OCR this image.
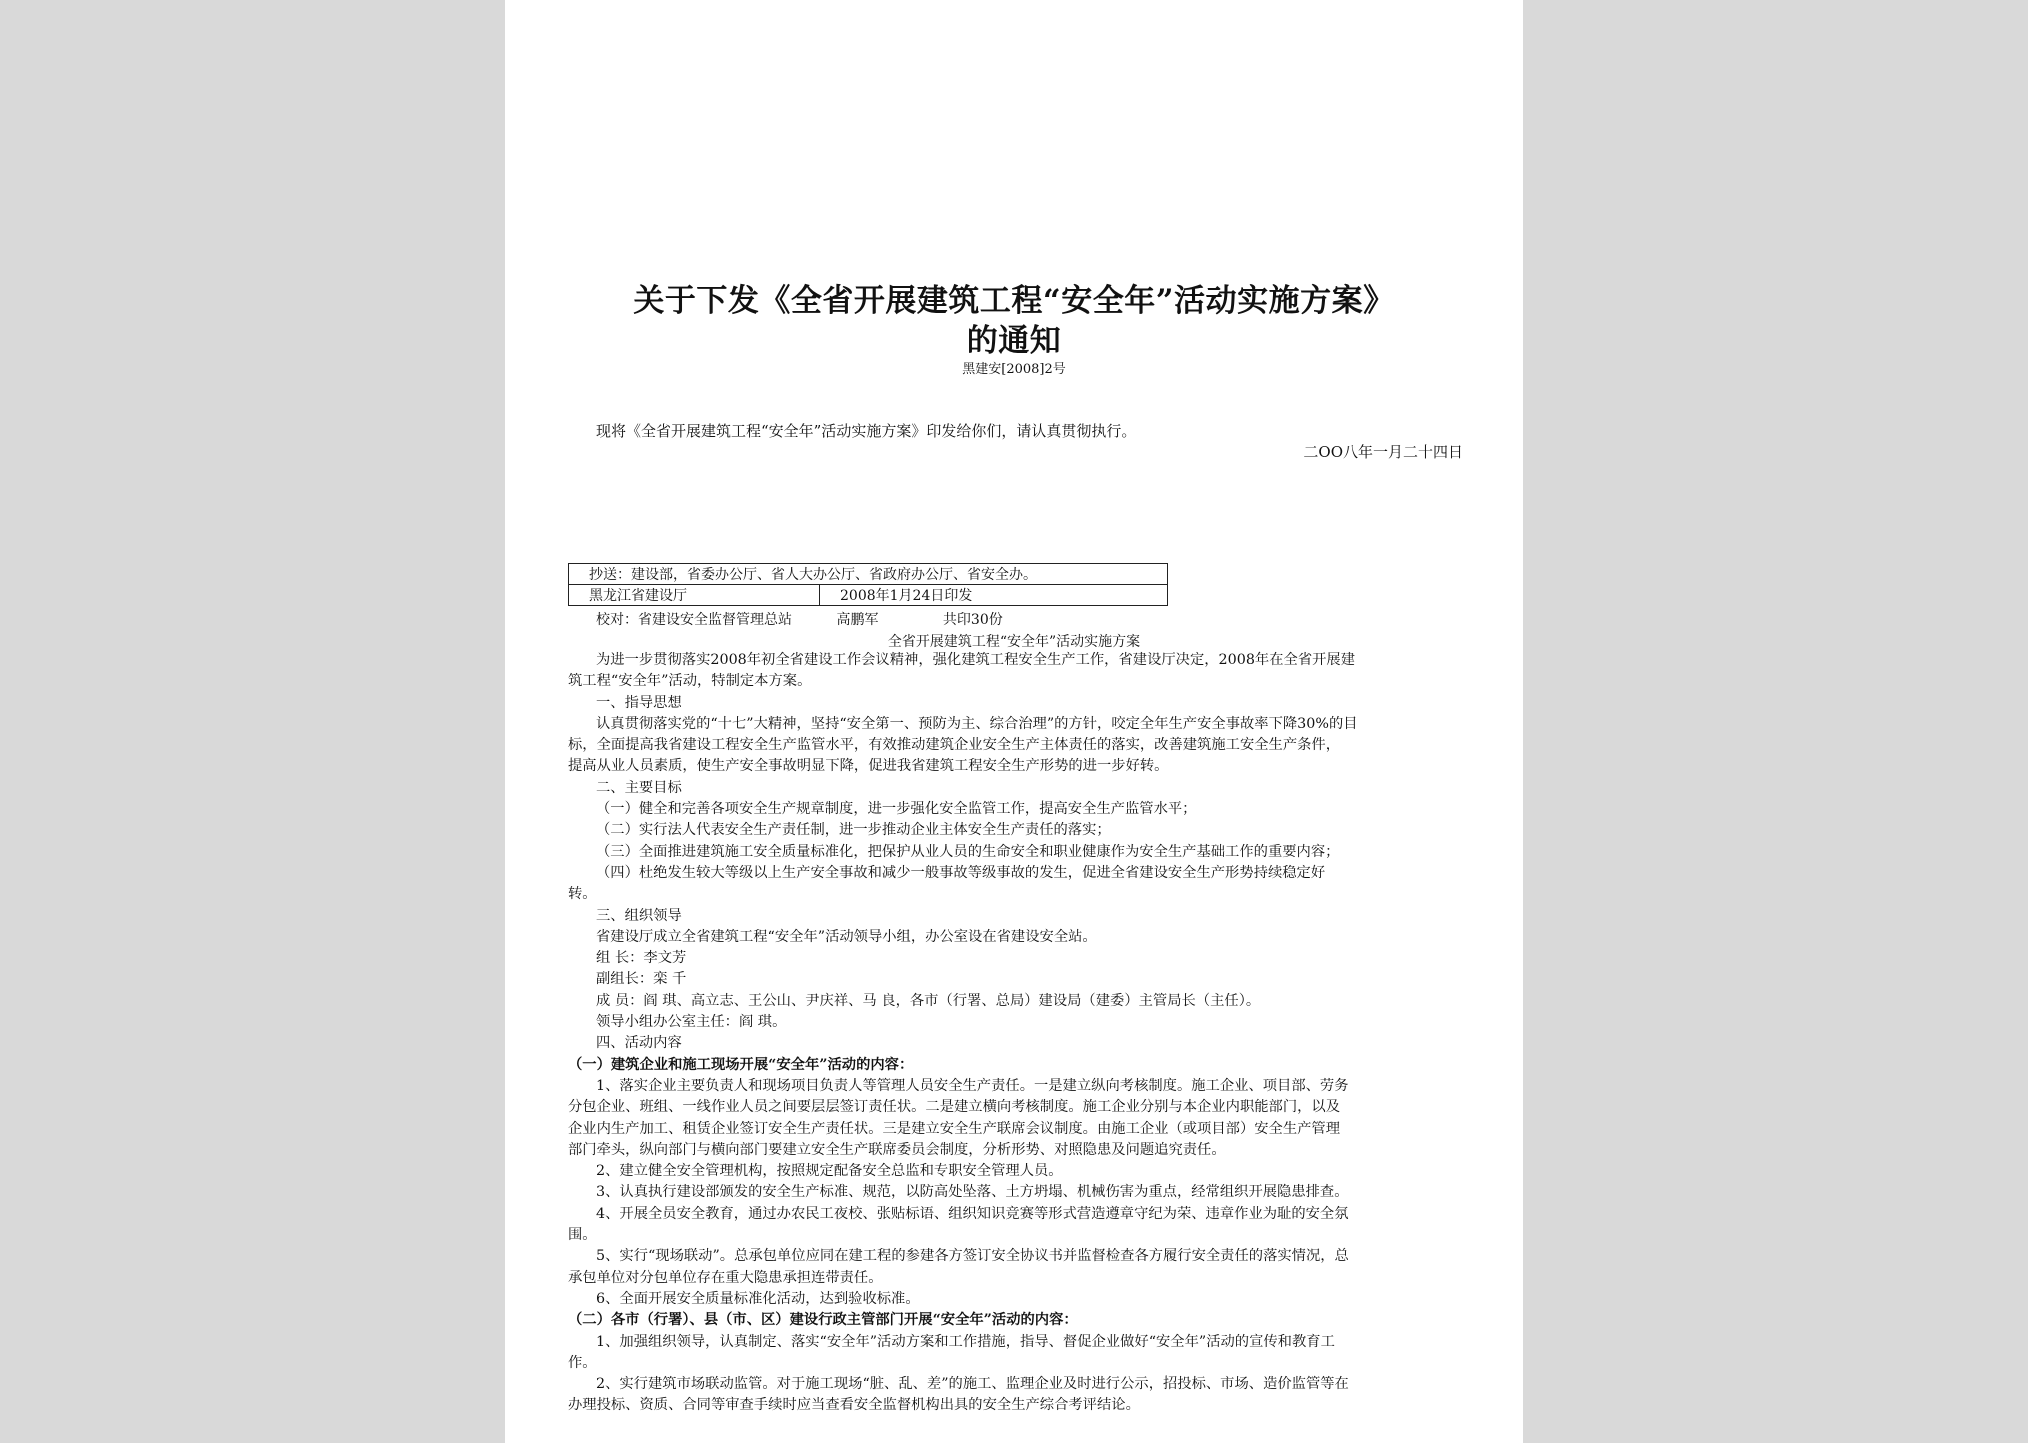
关于下发《全省开展建筑工程“安全年”活动实施方案》
的通知
黑建安[2008]2号
现将《全省开展建筑工程“安全年”活动实施方案》印发给你们，请认真贯彻执行。
二OO八年一月二十四日
抄送：建设部，省委办公厅、省人大办公厅、省政府办公厅、省安全办。
黑龙江省建设厅	2008年1月24日印发
校对：省建设安全监督管理总站	高鹏军	共印30份
全省开展建筑工程“安全年”活动实施方案
为进一步贯彻落实2008年初全省建设工作会议精神，强化建筑工程安全生产工作，省建设厅决定，2008年在全省开展建
筑工程“安全年”活动，特制定本方案。
一、指导思想
认真贯彻落实党的“十七”大精神，坚持“安全第一、预防为主、综合治理”的方针，咬定全年生产安全事故率下降30%的目
标，全面提高我省建设工程安全生产监管水平，有效推动建筑企业安全生产主体责任的落实，改善建筑施工安全生产条件，
提高从业人员素质，使生产安全事故明显下降，促进我省建筑工程安全生产形势的进一步好转。
二、主要目标
（一）健全和完善各项安全生产规章制度，进一步强化安全监管工作，提高安全生产监管水平；
（二）实行法人代表安全生产责任制，进一步推动企业主体安全生产责任的落实；
（三）全面推进建筑施工安全质量标准化，把保护从业人员的生命安全和职业健康作为安全生产基础工作的重要内容；
（四）杜绝发生较大等级以上生产安全事故和减少一般事故等级事故的发生，促进全省建设安全生产形势持续稳定好
转。
三、组织领导
省建设厅成立全省建筑工程“安全年”活动领导小组，办公室设在省建设安全站。
组 长：李文芳
副组长：栾 千
成 员：阎 琪、高立志、王公山、尹庆祥、马 良，各市（行署、总局）建设局（建委）主管局长（主任）。
领导小组办公室主任：阎 琪。
四、活动内容
（一）建筑企业和施工现场开展“安全年”活动的内容：
1、落实企业主要负责人和现场项目负责人等管理人员安全生产责任。一是建立纵向考核制度。施工企业、项目部、劳务
分包企业、班组、一线作业人员之间要层层签订责任状。二是建立横向考核制度。施工企业分别与本企业内职能部门，以及
企业内生产加工、租赁企业签订安全生产责任状。三是建立安全生产联席会议制度。由施工企业（或项目部）安全生产管理
部门牵头，纵向部门与横向部门要建立安全生产联席委员会制度，分析形势、对照隐患及问题追究责任。
2、建立健全安全管理机构，按照规定配备安全总监和专职安全管理人员。
3、认真执行建设部颁发的安全生产标准、规范，以防高处坠落、土方坍塌、机械伤害为重点，经常组织开展隐患排查。
4、开展全员安全教育，通过办农民工夜校、张贴标语、组织知识竞赛等形式营造遵章守纪为荣、违章作业为耻的安全氛
围。
5、实行“现场联动”。总承包单位应同在建工程的参建各方签订安全协议书并监督检查各方履行安全责任的落实情况，总
承包单位对分包单位存在重大隐患承担连带责任。
6、全面开展安全质量标准化活动，达到验收标准。
（二）各市（行署）、县（市、区）建设行政主管部门开展“安全年”活动的内容：
1、加强组织领导，认真制定、落实“安全年”活动方案和工作措施，指导、督促企业做好“安全年”活动的宣传和教育工
作。
2、实行建筑市场联动监管。对于施工现场“脏、乱、差”的施工、监理企业及时进行公示，招投标、市场、造价监管等在
办理投标、资质、合同等审查手续时应当查看安全监督机构出具的安全生产综合考评结论。
